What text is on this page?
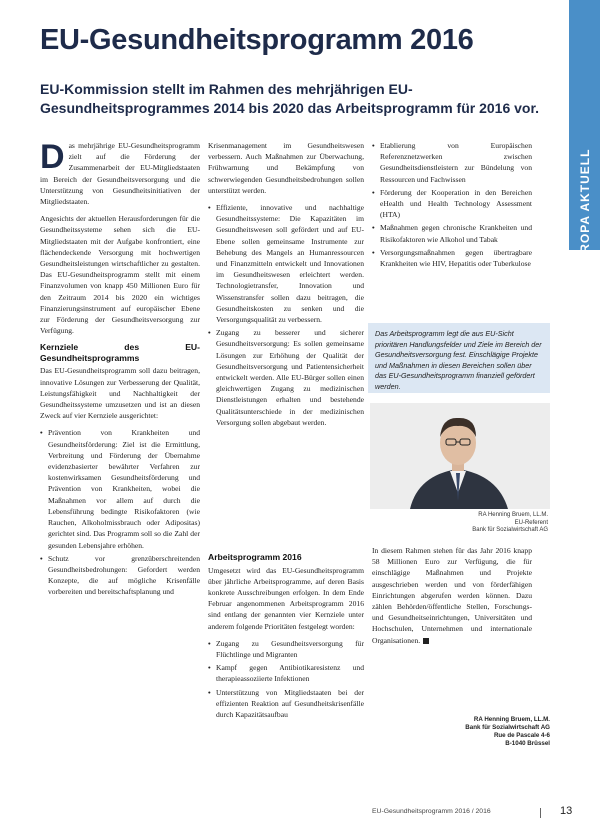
EU-Gesundheitsprogramm 2016
EU-Kommission stellt im Rahmen des mehrjährigen EU-Gesundheitsprogrammes 2014 bis 2020 das Arbeitsprogramm für 2016 vor.
EUROPA AKTUELL

Das mehrjährige EU-Gesundheitsprogramm zielt auf die Förderung der Zusammenarbeit der EU-Mitgliedstaaten im Bereich der Gesundheitsversorgung und die Unterstützung von Gesundheitsinitiativen der Mitgliedstaaten.

Angesichts der aktuellen Herausforderungen für die Gesundheitssysteme sehen sich die EU-Mitgliedstaaten mit der Aufgabe konfrontiert, eine flächendeckende Versorgung mit hochwertigen Gesundheitsleistungen wirtschaftlicher zu gestalten. Das EU-Gesundheitsprogramm stellt mit einem Finanzvolumen von knapp 450 Millionen Euro für den Zeitraum 2014 bis 2020 ein wichtiges Finanzierungsinstrument auf europäischer Ebene zur Förderung der Gesundheitsversorgung zur Verfügung.

Kernziele des EU-Gesundheitsprogramms

Das EU-Gesundheitsprogramm soll dazu beitragen, innovative Lösungen zur Verbesserung der Qualität, Leistungsfähigkeit und Nachhaltigkeit der Gesundheitssysteme umzusetzen und ist an diesen Zweck auf vier Kernziele ausgerichtet:

• Prävention von Krankheiten und Gesundheitsförderung: Ziel ist die Ermittlung, Verbreitung und Förderung der Übernahme evidenzbasierter bewährter Verfahren zur kostenwirksamen Gesundheitsförderung und Prävention von Krankheiten, wobei die Maßnahmen vor allem auf durch die Lebensführung bedingte Risikofaktoren (wie Rauchen, Alkoholmissbrauch oder Adipositas) gerichtet sind. Das Programm soll so die Zahl der gesunden Lebensjahre erhöhen.
• Schutz vor grenzüberschreitenden Gesundheitsbedrohungen: Gefordert werden Konzepte, die auf mögliche Krisenfälle vorbereiten und bereitschaftsplanung und

Krisenmanagement im Gesundheitswesen verbessern. Auch Maßnahmen zur Überwachung, Frühwarnung und Bekämpfung von schwerwiegenden Gesundheitsbedrohungen sollen unterstützt werden.

• Effiziente, innovative und nachhaltige Gesundheitssysteme: Die Kapazitäten im Gesundheitswesen soll gefördert und auf EU-Ebene sollen gemeinsame Instrumente zur Behebung des Mangels an Humanressourcen und Finanzmitteln entwickelt und Innovationen im Gesundheitswesen erleichtert werden. Technologietransfer, Innovation und Wissenstransfer sollen dazu beitragen, die Gesundheitskosten zu senken und die Versorgungsqualität zu verbessern.
• Zugang zu besserer und sicherer Gesundheitsversorgung: Es sollen gemeinsame Lösungen zur Erhöhung der Qualität der Gesundheitsversorgung und Patientensicherheit entwickelt werden. Alle EU-Bürger sollen einen gleichwertigen Zugang zu medizinischen Dienstleistungen erhalten und bestehende Qualitätsunterschiede in der medizinischen Versorgung sollen abgebaut werden.
Arbeitsprogramm 2016

Umgesetzt wird das EU-Gesundheitsprogramm über jährliche Arbeitsprogramme, auf deren Basis konkrete Ausschreibungen erfolgen. In dem Ende Februar angenommenen Arbeitsprogramm 2016 sind entlang der genannten vier Kernziele unter anderem folgende Prioritäten festgelegt worden:

• Zugang zu Gesundheitsversorgung für Flüchtlinge und Migranten
• Kampf gegen Antibiotikaresistenz und therapieassoziierte Infektionen
• Unterstützung von Mitgliedstaaten bei der effizienten Reaktion auf Gesundheitskrisenfälle durch Kapazitätsaufbau
• Etablierung von Europäischen Referenznetzwerken zwischen Gesundheitsdienstleistern zur Bündelung von Ressourcen und Fachwissen
• Förderung der Kooperation in den Bereichen eHealth und Health Technology Assessment (HTA)
• Maßnahmen gegen chronische Krankheiten und Risikofaktoren wie Alkohol und Tabak
• Versorgungsmaßnahmen gegen übertragbare Krankheiten wie HIV, Hepatitis oder Tuberkulose
Das Arbeitsprogramm legt die aus EU-Sicht prioritären Handlungsfelder und Ziele im Bereich der Gesundheitsversorgung fest. Einschlägige Projekte und Maßnahmen in diesen Bereichen sollen über das EU-Gesundheitsprogramm finanziell gefördert werden.
RA Henning Bruem, LL.M.
EU-Referent
Bank für Sozialwirtschaft AG

In diesem Rahmen stehen für das Jahr 2016 knapp 58 Millionen Euro zur Verfügung, die für einschlägige Maßnahmen und Projekte ausgeschrieben werden und von förderfähigen Einrichtungen abgerufen werden können. Dazu zählen Behörden/öffentliche Stellen, Forschungs- und Gesundheitseinrichtungen, Universitäten und Hochschulen, Unternehmen und internationale Organisationen.

RA Henning Bruem, LL.M.
Bank für Sozialwirtschaft AG
Rue de Pascale 4-6
B-1040 Brüssel
EU-Gesundheitsprogramm 2016 / 2016	13
